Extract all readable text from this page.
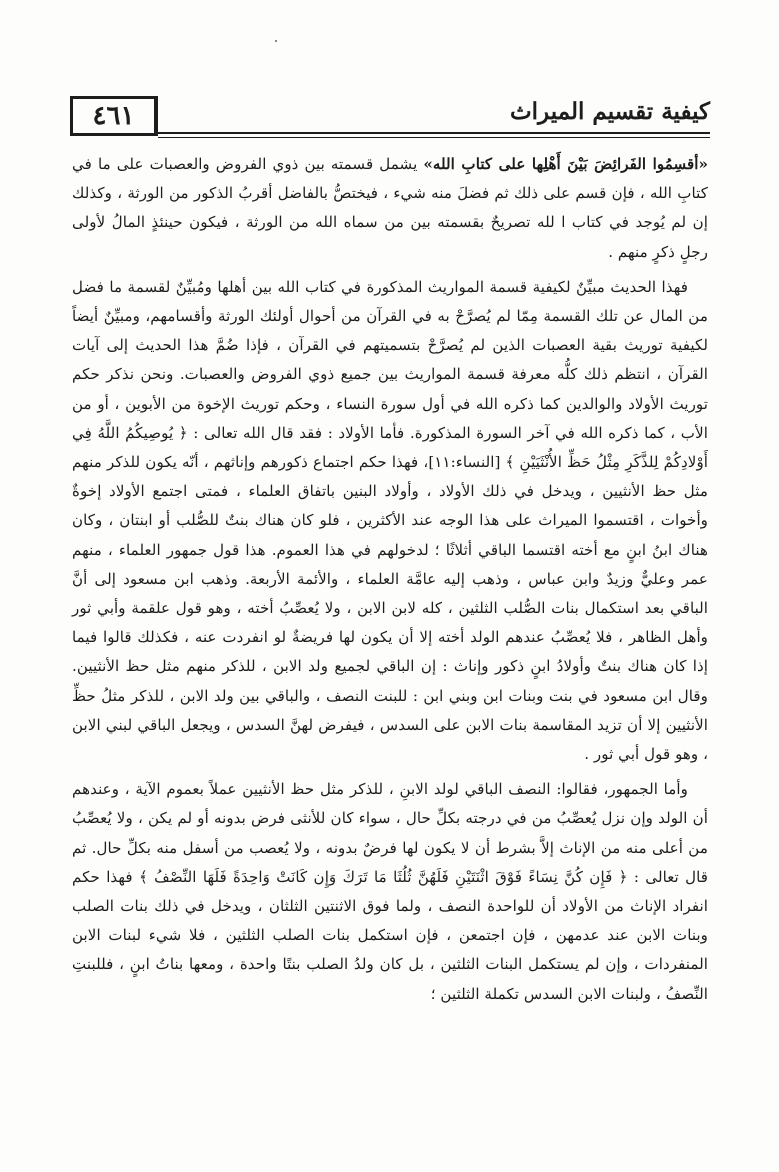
٤٦١	كيفية تقسيم الميراث

«أقسِمُوا الفَرائِضَ بَيْنَ أَهْلِها على كتابِ الله» يشمل قسمته بين ذوي الفروض والعصبات على ما في كتابِ الله ، فإن قسم على ذلك ثم فضلَ منه شيء ، فيختصُّ بالفاضل أقربُ الذكور من الورثة ، وكذلك إن لم يُوجد في كتاب ا لله تصريحٌ بقسمته بين من سماه الله من الورثة ، فيكون حينئذٍ المالُ لأولى رجلٍ ذكرٍ منهم .

فهذا الحديث مبيِّنٌ لكيفية قسمة المواريث المذكورة في كتاب الله بين أهلها ومُبيِّنٌ لقسمة ما فضل من المال عن تلك القسمة مِمّا لم يُصرَّحْ به في القرآن من أحوال أولئك الورثة وأقسامهم، ومبيِّنٌ أيضاً لكيفية توريث بقية العصبات الذين لم يُصرَّحْ بتسميتهم في القرآن ، فإذا ضُمَّ هذا الحديث إلى آيات القرآن ، انتظم ذلك كلُّه معرفة قسمة المواريث بين جميع ذوي الفروض والعصبات. ونحن نذكر حكم توريث الأولاد والوالدين كما ذكره الله في أول سورة النساء ، وحكم توريث الإخوة من الأبوين ، أو من الأب ، كما ذكره الله في آخر السورة المذكورة. فأما الأولاد : فقد قال الله تعالى : ﴿ يُوصِيكُمُ اللَّهُ فِي أَوْلادِكُمْ لِلذَّكَرِ مِثْلُ حَظِّ الأُنْثَيَيْنِ ﴾ [النساء:١١]، فهذا حكم اجتماع ذكورهم وإناثهم ، أنّه يكون للذكر منهم مثل حظ الأنثيين ، ويدخل في ذلك الأولاد ، وأولاد البنين باتفاق العلماء ، فمتى اجتمع الأولاد إخوةٌ وأخوات ، اقتسموا الميراث على هذا الوجه عند الأكثرين ، فلو كان هناك بنتٌ للصُّلب أو ابنتان ، وكان هناك ابنُ ابنٍ مع أخته اقتسما الباقي أثلاثًا ؛ لدخولهم في هذا العموم. هذا قول جمهور العلماء ، منهم عمر وعليٌّ وزيدٌ وابن عباس ، وذهب إليه عامَّة العلماء ، والأئمة الأربعة. وذهب ابن مسعود إلى أنَّ الباقي بعد استكمال بنات الصُّلب الثلثين ، كله لابن الابن ، ولا يُعصِّبُ أخته ، وهو قول علقمة وأبي ثور وأهل الظاهر ، فلا يُعصِّبُ عندهم الولد أخته إلا أن يكون لها فريضةٌ لو انفردت عنه ، فكذلك قالوا فيما إذا كان هناك بنتٌ وأولادُ ابنٍ ذكور وإناث : إن الباقي لجميع ولد الابن ، للذكر منهم مثل حظ الأنثيين. وقال ابن مسعود في بنت وبنات ابن وبني ابن : للبنت النصف ، والباقي بين ولد الابن ، للذكر مثلُ حظِّ الأنثيين إلا أن تزيد المقاسمة بنات الابن على السدس ، فيفرض لهنَّ السدس ، ويجعل الباقي لبني الابن ، وهو قول أبي ثور .

وأما الجمهور، فقالوا: النصف الباقي لولد الابنِ ، للذكر مثل حظ الأنثيين عملاً بعموم الآية ، وعندهم أن الولد وإن نزل يُعصِّبُ من في درجته بكلِّ حال ، سواء كان للأنثى فرض بدونه أو لم يكن ، ولا يُعصِّبُ من أعلى منه من الإناث إلاَّ بشرط أن لا يكون لها فرضٌ بدونه ، ولا يُعصب من أسفل منه بكلِّ حال. ثم قال تعالى : ﴿ فَإِن كُنَّ نِسَاءً فَوْقَ اثْنَتَيْنِ فَلَهُنَّ ثُلُثَا مَا تَرَكَ وَإِن كَانَتْ وَاحِدَةً فَلَهَا النِّصْفُ ﴾ فهذا حكم انفراد الإناث من الأولاد أن للواحدة النصف ، ولما فوق الاثنتين الثلثان ، ويدخل في ذلك بنات الصلب وبنات الابن عند عدمهن ، فإن اجتمعن ، فإن استكمل بنات الصلب الثلثين ، فلا شيء لبنات الابن المنفردات ، وإن لم يستكمل البنات الثلثين ، بل كان ولدُ الصلب بنتًا واحدة ، ومعها بناتُ ابنٍ ، فللبنتِ النِّصفُ ، ولبنات الابن السدس تكملة الثلثين ؛
